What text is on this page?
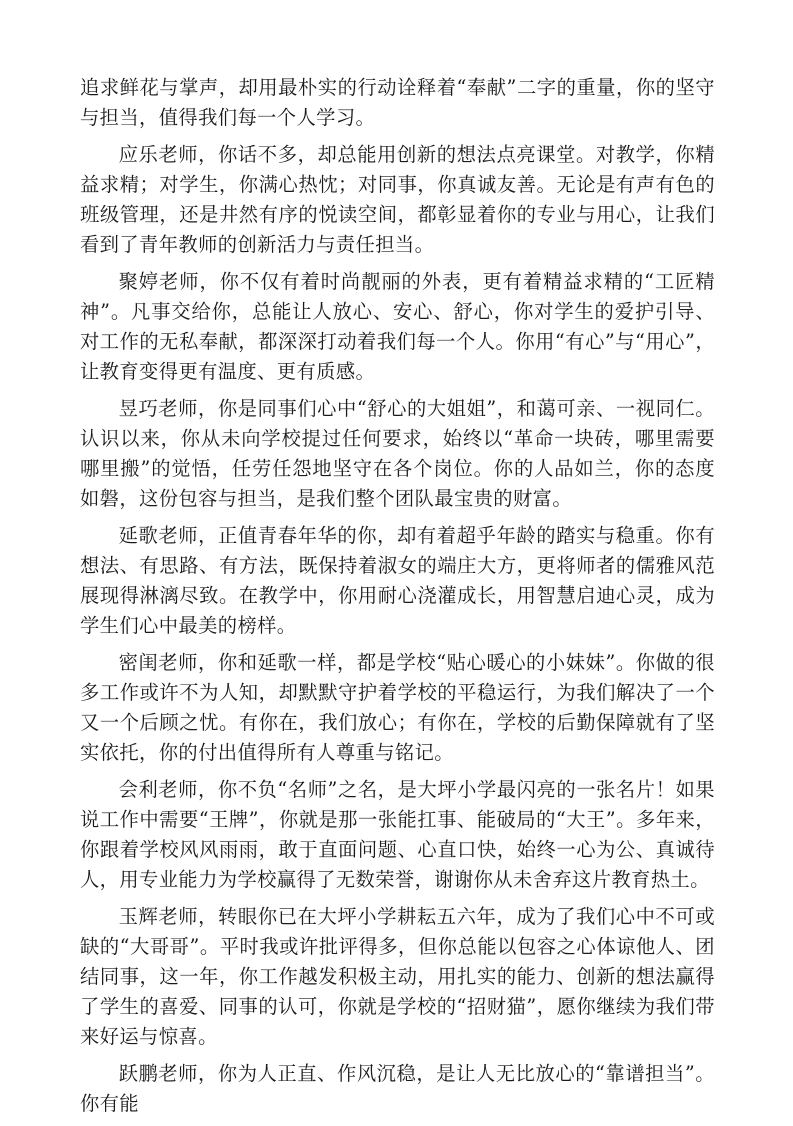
追求鲜花与掌声，却用最朴实的行动诠释着“奉献”二字的重量，你的坚守与担当，值得我们每一个人学习。

应乐老师，你话不多，却总能用创新的想法点亮课堂。对教学，你精益求精；对学生，你满心热忱；对同事，你真诚友善。无论是有声有色的班级管理，还是井然有序的悦读空间，都彰显着你的专业与用心，让我们看到了青年教师的创新活力与责任担当。

聚婷老师，你不仅有着时尚靓丽的外表，更有着精益求精的“工匠精神”。凡事交给你，总能让人放心、安心、舒心，你对学生的爱护引导、对工作的无私奉献，都深深打动着我们每一个人。你用“有心”与“用心”，让教育变得更有温度、更有质感。

昱巧老师，你是同事们心中“舒心的大姐姐”，和蔼可亲、一视同仁。认识以来，你从未向学校提过任何要求，始终以“革命一块砖，哪里需要哪里搬”的觉悟，任劳任怨地坚守在各个岗位。你的人品如兰，你的态度如磐，这份包容与担当，是我们整个团队最宝贵的财富。

延歌老师，正值青春年华的你，却有着超乎年龄的踏实与稳重。你有想法、有思路、有方法，既保持着淑女的端庄大方，更将师者的儒雅风范展现得淋漓尽致。在教学中，你用耐心浇灌成长，用智慧启迪心灵，成为学生们心中最美的榜样。

密闺老师，你和延歌一样，都是学校“贴心暖心的小妹妹”。你做的很多工作或许不为人知，却默默守护着学校的平稳运行，为我们解决了一个又一个后顾之忧。有你在，我们放心；有你在，学校的后勤保障就有了坚实依托，你的付出值得所有人尊重与铭记。

会利老师，你不负“名师”之名，是大坪小学最闪亮的一张名片！如果说工作中需要“王牌”，你就是那一张能扛事、能破局的“大王”。多年来，你跟着学校风风雨雨，敢于直面问题、心直口快，始终一心为公、真诚待人，用专业能力为学校赢得了无数荣誉，谢谢你从未舍弃这片教育热土。

玉辉老师，转眼你已在大坪小学耕耘五六年，成为了我们心中不可或缺的“大哥哥”。平时我或许批评得多，但你总能以包容之心体谅他人、团结同事，这一年，你工作越发积极主动，用扎实的能力、创新的想法赢得了学生的喜爱、同事的认可，你就是学校的“招财猫”，愿你继续为我们带来好运与惊喜。

跃鹏老师，你为人正直、作风沉稳，是让人无比放心的“靠谱担当”。你有能
